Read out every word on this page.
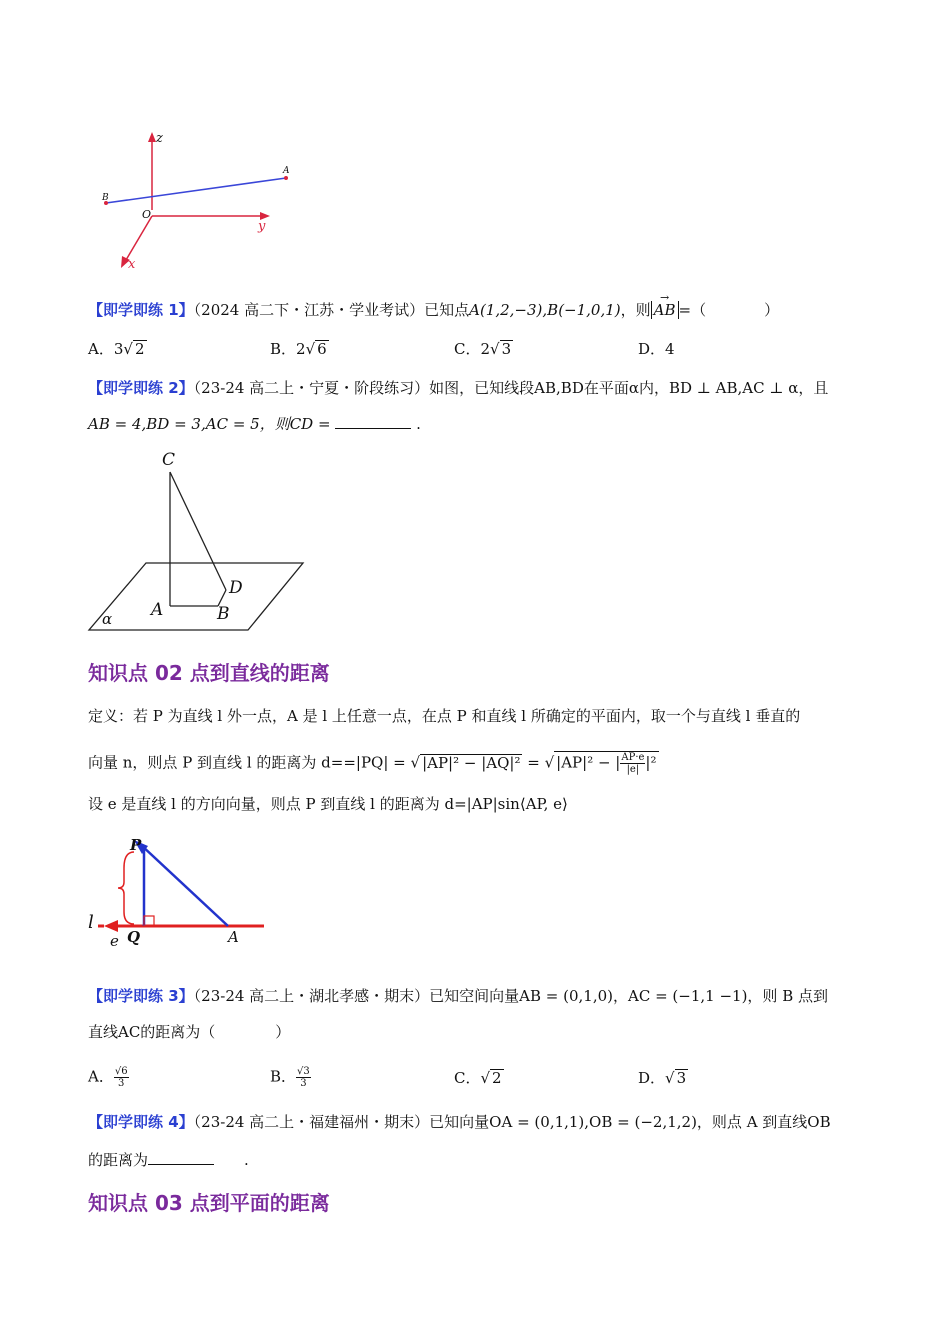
z
y
x
O
A
B
【即学即练 1】（2024 高二下・江苏・学业考试）已知点A(1,2,−3),B(−1,0,1)，则→ AB =（	）
A．3√ 2	B．2√ 6	C．2√ 3	D．4
【即学即练 2】（23-24 高二上・宁夏・阶段练习）如图，已知线段AB,BD在平面α内，BD ⊥ AB,AC ⊥ α，且
AB = 4,BD = 3,AC = 5，则CD =	.
C
D
A	B
α
知识点 02 点到直线的距离
定义：若 P 为直线 l 外一点，A 是 l 上任意一点，在点 P 和直线 l 所确定的平面内，取一个与直线 l 垂直的
向量 n，则点 P 到直线 l 的距离为 d==|PQ| = √ |AP|² − |AQ|² = √ |AP|² − | $\frac{AP\cdot e}{|e|} |^2$
设 e 是直线 l 的方向向量，则点 P 到直线 l 的距离为 d=|AP|sin⟨AP, e⟩
P
l
e Q	A
【即学即练 3】（23-24 高二上・湖北孝感・期末）已知空间向量AB = (0,1,0)，AC = (−1,1 −1)，则 B 点到
直线AC的距离为（　　　　）
A． $\frac{√6}{3}$	B． $\frac{√3}{3}$	C．√ 2	D．√ 3
【即学即练 4】（23-24 高二上・福建福州・期末）已知向量OA = (0,1,1),OB = (−2,1,2)，则点 A 到直线OB
的距离为	　　.
知识点 03 点到平面的距离
